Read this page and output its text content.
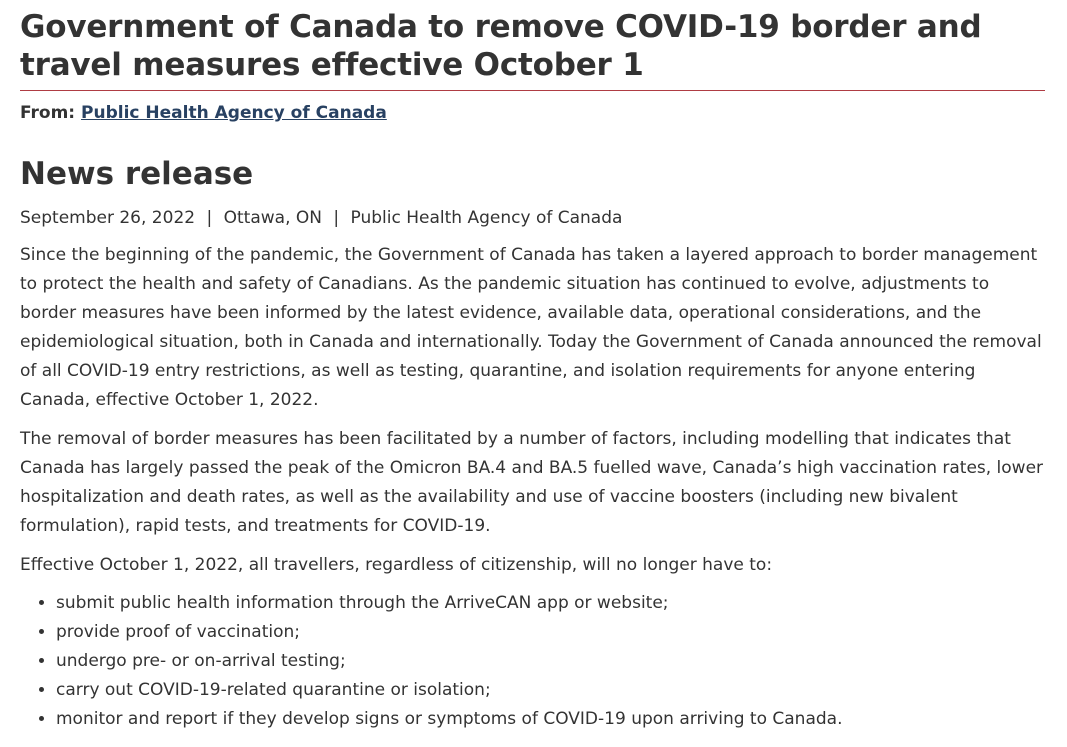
Government of Canada to remove COVID-19 border and travel measures effective October 1
From: Public Health Agency of Canada
News release
September 26, 2022 | Ottawa, ON | Public Health Agency of Canada

Since the beginning of the pandemic, the Government of Canada has taken a layered approach to border management to protect the health and safety of Canadians. As the pandemic situation has continued to evolve, adjustments to border measures have been informed by the latest evidence, available data, operational considerations, and the epidemiological situation, both in Canada and internationally. Today the Government of Canada announced the removal of all COVID-19 entry restrictions, as well as testing, quarantine, and isolation requirements for anyone entering Canada, effective October 1, 2022.

The removal of border measures has been facilitated by a number of factors, including modelling that indicates that Canada has largely passed the peak of the Omicron BA.4 and BA.5 fuelled wave, Canada’s high vaccination rates, lower hospitalization and death rates, as well as the availability and use of vaccine boosters (including new bivalent formulation), rapid tests, and treatments for COVID-19.

Effective October 1, 2022, all travellers, regardless of citizenship, will no longer have to:

• submit public health information through the ArriveCAN app or website;
• provide proof of vaccination;
• undergo pre- or on-arrival testing;
• carry out COVID-19-related quarantine or isolation;
• monitor and report if they develop signs or symptoms of COVID-19 upon arriving to Canada.
